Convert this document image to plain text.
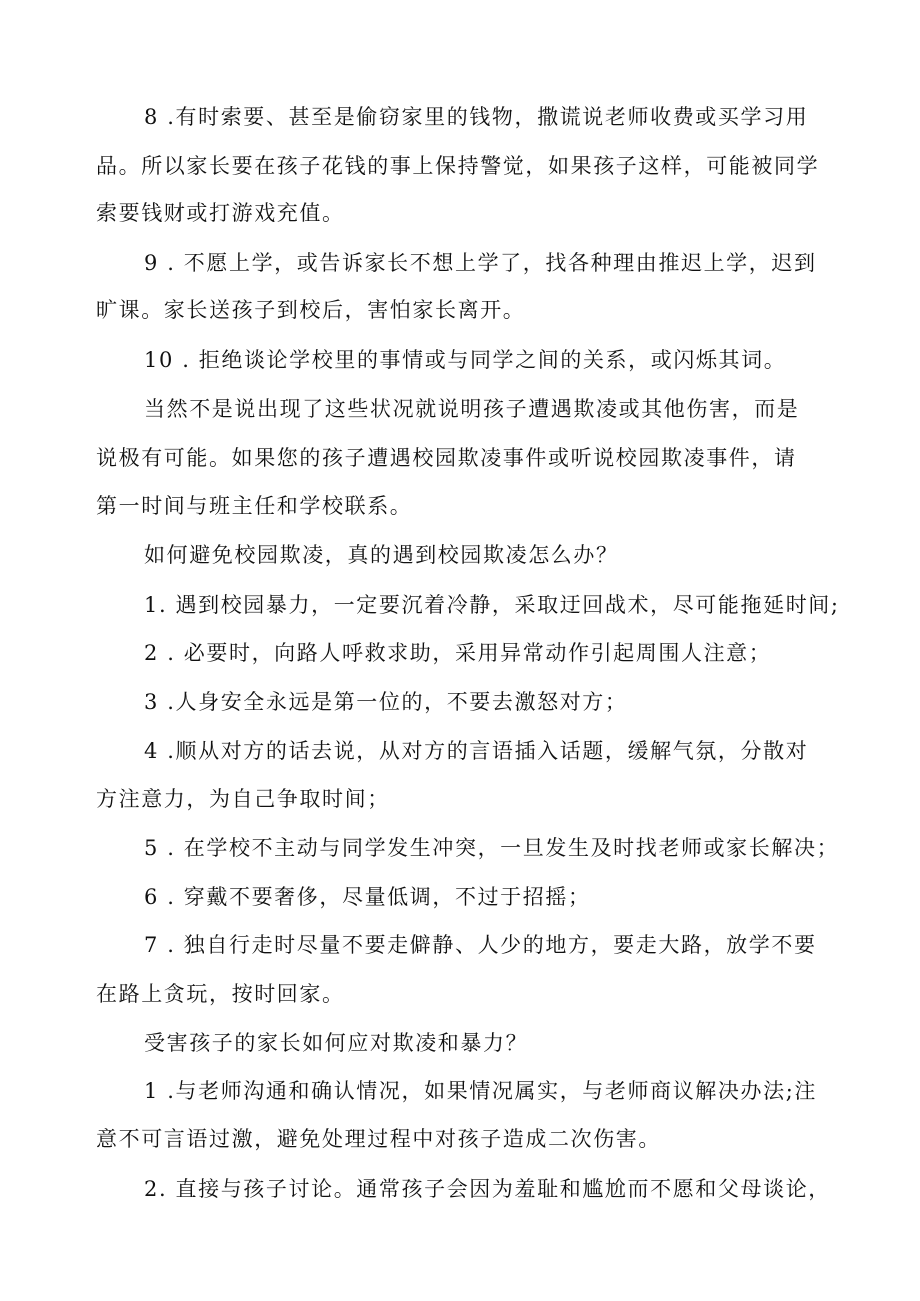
8 .有时索要、甚至是偷窃家里的钱物，撒谎说老师收费或买学习用
品。所以家长要在孩子花钱的事上保持警觉，如果孩子这样，可能被同学
索要钱财或打游戏充值。
9 . 不愿上学，或告诉家长不想上学了，找各种理由推迟上学，迟到
旷课。家长送孩子到校后，害怕家长离开。
10 . 拒绝谈论学校里的事情或与同学之间的关系，或闪烁其词。
当然不是说出现了这些状况就说明孩子遭遇欺凌或其他伤害，而是
说极有可能。如果您的孩子遭遇校园欺凌事件或听说校园欺凌事件，请
第一时间与班主任和学校联系。
如何避免校园欺凌，真的遇到校园欺凌怎么办？
1. 遇到校园暴力，一定要沉着冷静，采取迂回战术，尽可能拖延时间;
2 . 必要时，向路人呼救求助，采用异常动作引起周围人注意；
3 .人身安全永远是第一位的，不要去激怒对方；
4 .顺从对方的话去说，从对方的言语插入话题，缓解气氛，分散对
方注意力，为自己争取时间；
5 . 在学校不主动与同学发生冲突，一旦发生及时找老师或家长解决；
6 . 穿戴不要奢侈，尽量低调，不过于招摇；
7 . 独自行走时尽量不要走僻静、人少的地方，要走大路，放学不要
在路上贪玩，按时回家。
受害孩子的家长如何应对欺凌和暴力？
1 .与老师沟通和确认情况，如果情况属实，与老师商议解决办法;注
意不可言语过激，避免处理过程中对孩子造成二次伤害。
2. 直接与孩子讨论。通常孩子会因为羞耻和尴尬而不愿和父母谈论，
